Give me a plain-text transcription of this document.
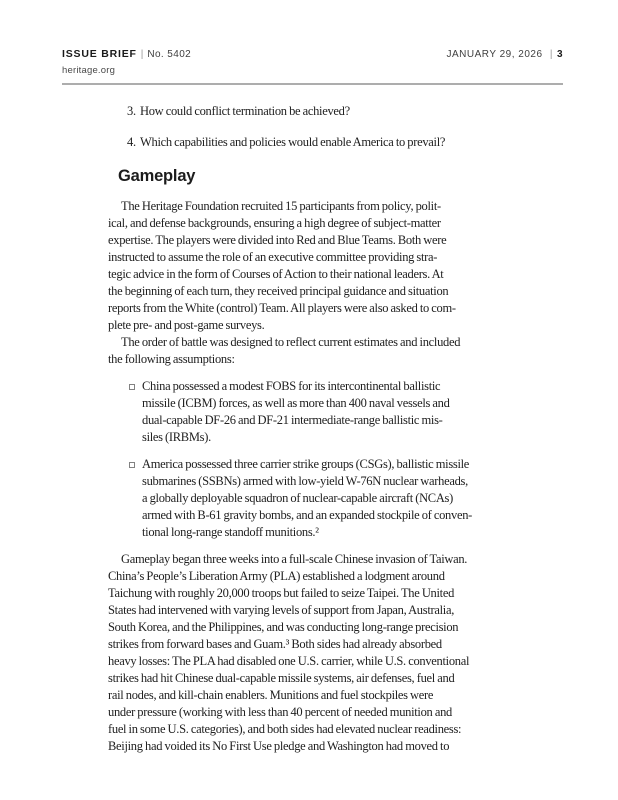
ISSUE BRIEF | No. 5402	JANUARY 29, 2026 | 3
heritage.org
3. How could conflict termination be achieved?
4. Which capabilities and policies would enable America to prevail?
Gameplay
The Heritage Foundation recruited 15 participants from policy, polit-
ical, and defense backgrounds, ensuring a high degree of subject-matter
expertise. The players were divided into Red and Blue Teams. Both were
instructed to assume the role of an executive committee providing stra-
tegic advice in the form of Courses of Action to their national leaders. At
the beginning of each turn, they received principal guidance and situation
reports from the White (control) Team. All players were also asked to com-
plete pre- and post-game surveys.
The order of battle was designed to reflect current estimates and included
the following assumptions:
China possessed a modest FOBS for its intercontinental ballistic
missile (ICBM) forces, as well as more than 400 naval vessels and
dual-capable DF-26 and DF-21 intermediate-range ballistic mis-
siles (IRBMs).
America possessed three carrier strike groups (CSGs), ballistic missile
submarines (SSBNs) armed with low-yield W-76N nuclear warheads,
a globally deployable squadron of nuclear-capable aircraft (NCAs)
armed with B-61 gravity bombs, and an expanded stockpile of conven-
tional long-range standoff munitions.²
Gameplay began three weeks into a full-scale Chinese invasion of Taiwan.
China’s People’s Liberation Army (PLA) established a lodgment around
Taichung with roughly 20,000 troops but failed to seize Taipei. The United
States had intervened with varying levels of support from Japan, Australia,
South Korea, and the Philippines, and was conducting long-range precision
strikes from forward bases and Guam.³ Both sides had already absorbed
heavy losses: The PLA had disabled one U.S. carrier, while U.S. conventional
strikes had hit Chinese dual-capable missile systems, air defenses, fuel and
rail nodes, and kill-chain enablers. Munitions and fuel stockpiles were
under pressure (working with less than 40 percent of needed munition and
fuel in some U.S. categories), and both sides had elevated nuclear readiness:
Beijing had voided its No First Use pledge and Washington had moved to
